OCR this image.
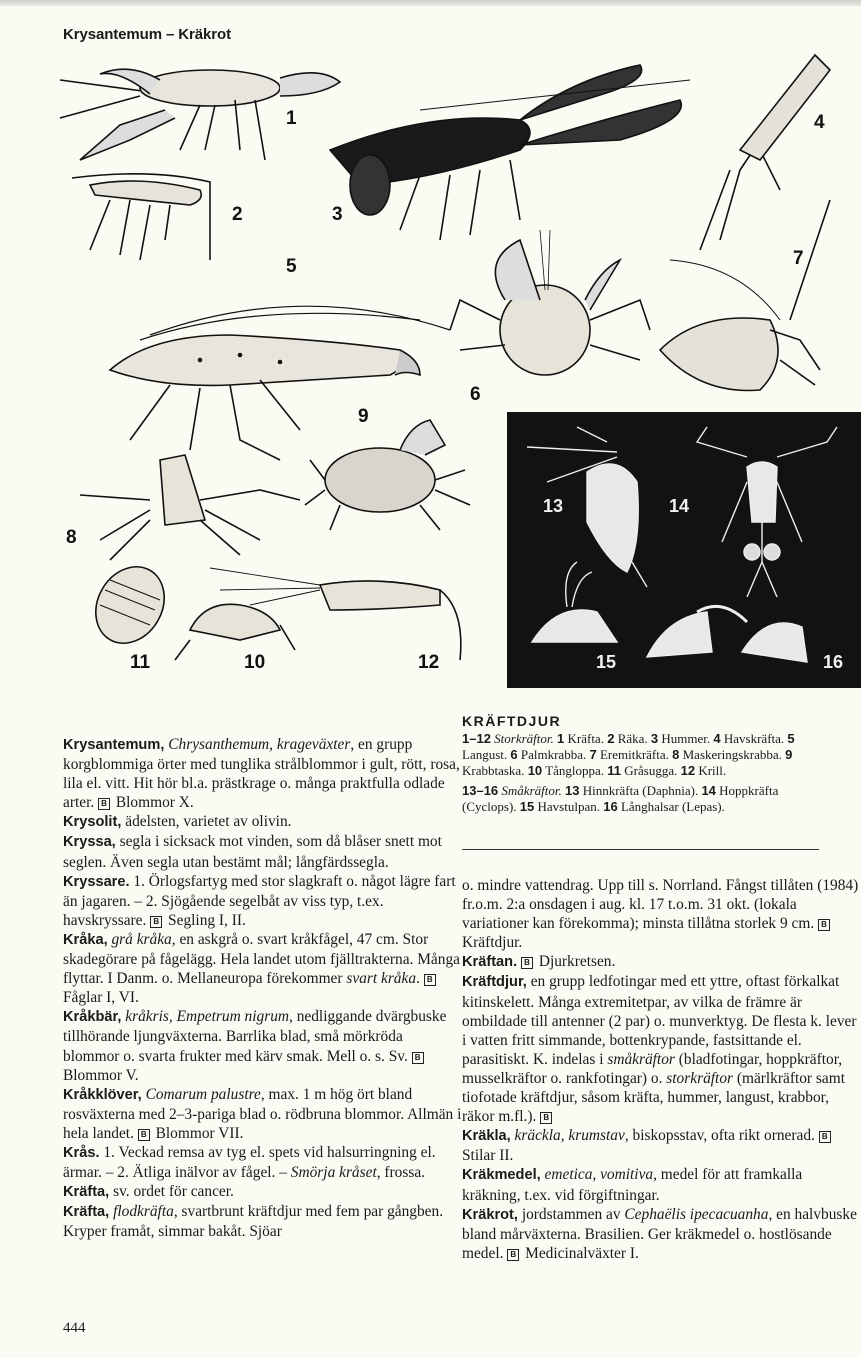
Krysantemum – Kräkrot
1
2	3
4
5
6
7
8
9
10
11	12
13	14
15	16
KRÄFTDJUR
1–12 Storkräftor. 1 Kräfta. 2 Räka. 3 Hummer. 4 Havskräfta. 5 Langust. 6 Palmkrabba. 7 Eremitkräfta. 8 Maskeringskrabba. 9 Krabbtaska. 10 Tångloppa. 11 Gråsugga. 12 Krill.
13–16 Småkräftor. 13 Hinnkräfta (Daphnia). 14 Hoppkräfta (Cyclops). 15 Havstulpan. 16 Långhalsar (Lepas).

Krysantemum, Chrysanthemum, krageväxter, en grupp korgblommiga örter med tunglika strålblommor i gult, rött, rosa, lila el. vitt. Hit hör bl.a. prästkrage o. många praktfulla odlade arter. B Blommor X.

Krysolit, ädelsten, varietet av olivin.

Kryssa, segla i sicksack mot vinden, som då blåser snett mot seglen. Även segla utan bestämt mål; långfärdssegla.

Kryssare. 1. Örlogsfartyg med stor slagkraft o. något lägre fart än jagaren. – 2. Sjögående segelbåt av viss typ, t.ex. havskryssare. B Segling I, II.

Kråka, grå kråka, en askgrå o. svart kråkfågel, 47 cm. Stor skadegörare på fågelägg. Hela landet utom fjälltrakterna. Många flyttar. I Danm. o. Mellaneuropa förekommer svart kråka. B Fåglar I, VI.

Kråkbär, kråkris, Empetrum nigrum, nedliggande dvärgbuske tillhörande ljungväxterna. Barrlika blad, små mörkröda blommor o. svarta frukter med kärv smak. Mell o. s. Sv. B Blommor V.

Kråkklöver, Comarum palustre, max. 1 m hög ört bland rosväxterna med 2–3-pariga blad o. rödbruna blommor. Allmän i hela landet. B Blommor VII.

Krås. 1. Veckad remsa av tyg el. spets vid halsurringning el. ärmar. – 2. Ätliga inälvor av fågel. – Smörja kråset, frossa.

Kräfta, sv. ordet för cancer.

Kräfta, flodkräfta, svartbrunt kräftdjur med fem par gångben. Kryper framåt, simmar bakåt. Sjöar

o. mindre vattendrag. Upp till s. Norrland. Fångst tillåten (1984) fr.o.m. 2:a onsdagen i aug. kl. 17 t.o.m. 31 okt. (lokala variationer kan förekomma); minsta tillåtna storlek 9 cm. B Kräftdjur.

Kräftan. B Djurkretsen.

Kräftdjur, en grupp ledfotingar med ett yttre, oftast förkalkat kitinskelett. Många extremitetpar, av vilka de främre är ombildade till antenner (2 par) o. munverktyg. De flesta k. lever i vatten fritt simmande, bottenkrypande, fastsittande el. parasitiskt. K. indelas i småkräftor (bladfotingar, hoppkräftor, musselkräftor o. rankfotingar) o. storkräftor (märlkräftor samt tiofotade kräftdjur, såsom kräfta, hummer, langust, krabbor, räkor m.fl.). B

Kräkla, kräckla, krumstav, biskopsstav, ofta rikt ornerad. B Stilar II.

Kräkmedel, emetica, vomitiva, medel för att framkalla kräkning, t.ex. vid förgiftningar.

Kräkrot, jordstammen av Cephaëlis ipecacuanha, en halvbuske bland mårväxterna. Brasilien. Ger kräkmedel o. hostlösande medel. B Medicinalväxter I.

444
